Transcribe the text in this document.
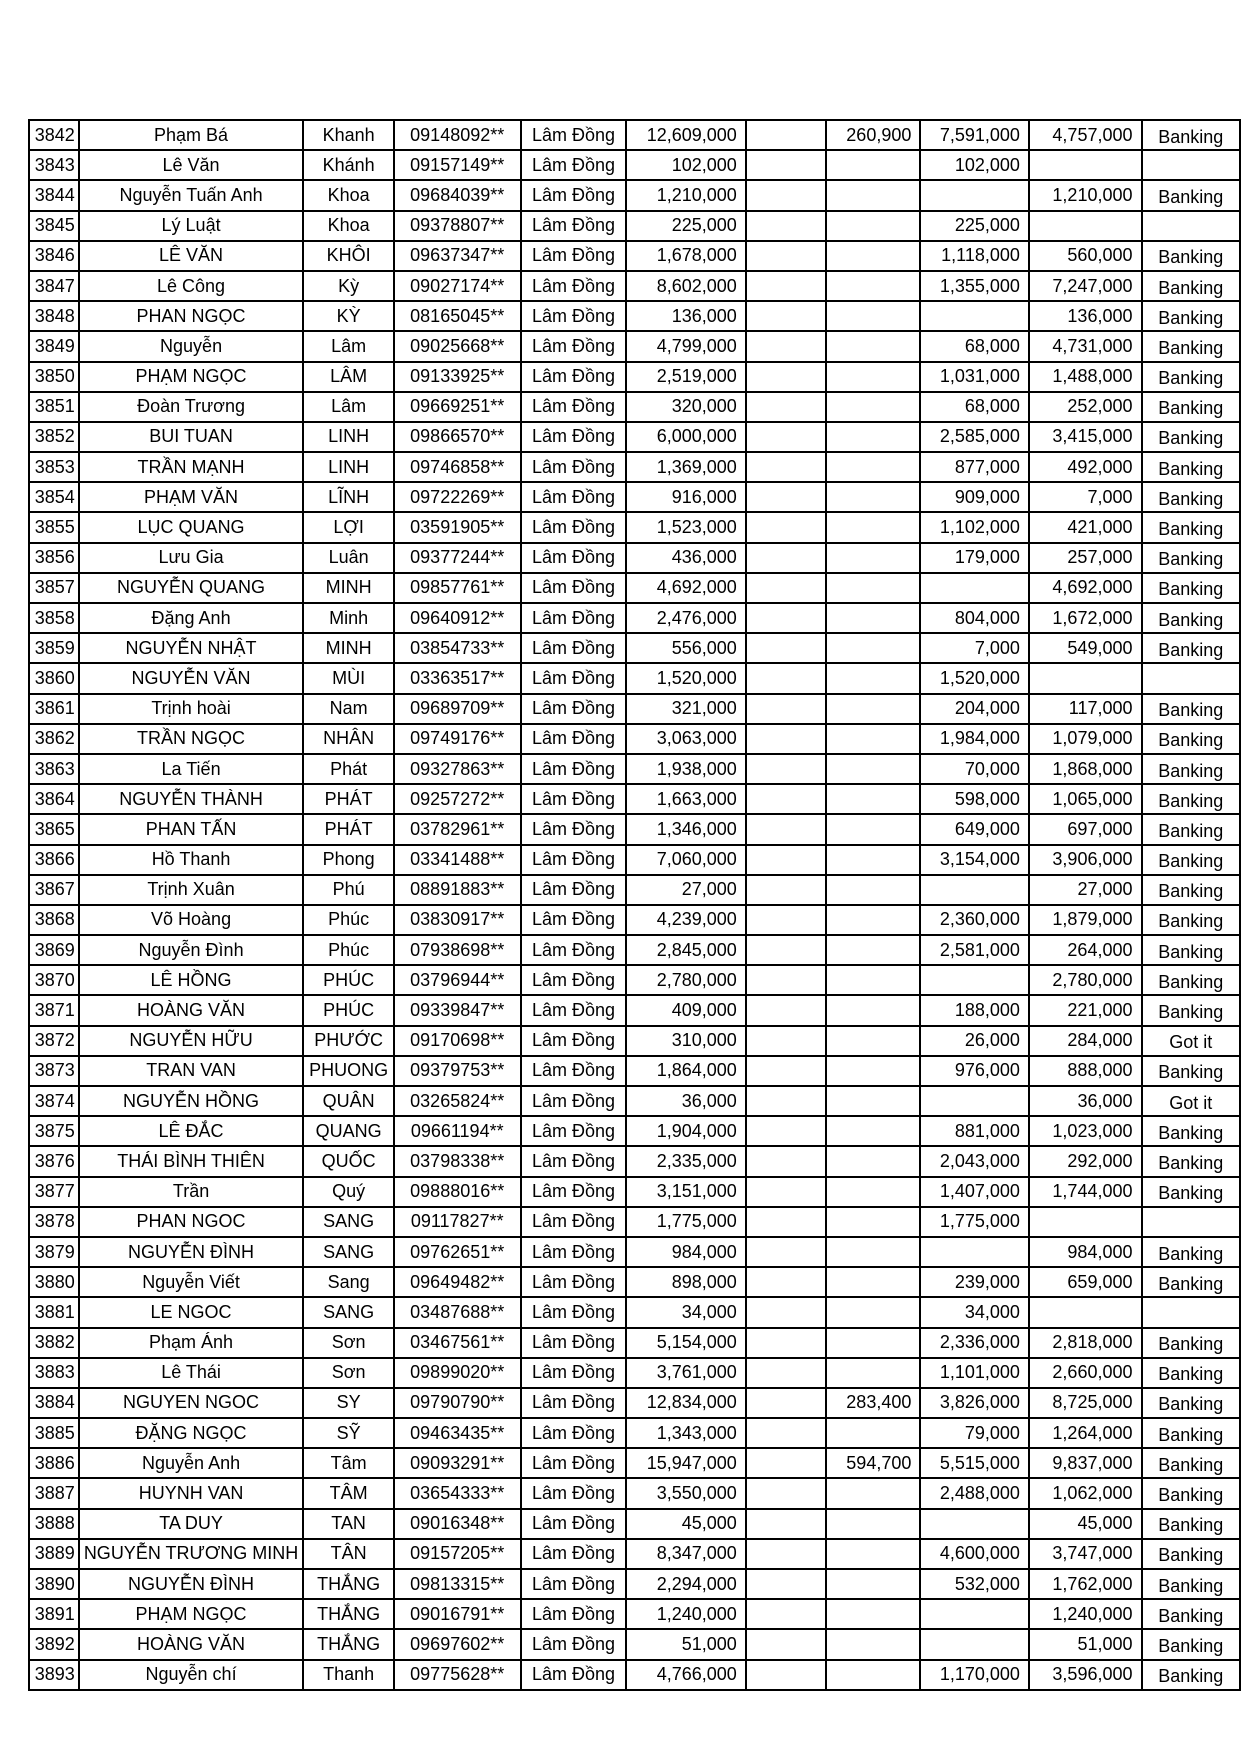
3842	Phạm Bá	Khanh	09148092**	Lâm Đồng	12,609,000		260,900	7,591,000	4,757,000	Banking
3843	Lê Văn	Khánh	09157149**	Lâm Đồng	102,000			102,000		
3844	Nguyễn Tuấn Anh	Khoa	09684039**	Lâm Đồng	1,210,000				1,210,000	Banking
3845	Lý Luật	Khoa	09378807**	Lâm Đồng	225,000			225,000		
3846	LÊ VĂN	KHÔI	09637347**	Lâm Đồng	1,678,000			1,118,000	560,000	Banking
3847	Lê Công	Kỳ	09027174**	Lâm Đồng	8,602,000			1,355,000	7,247,000	Banking
3848	PHAN NGỌC	KỲ	08165045**	Lâm Đồng	136,000				136,000	Banking
3849	Nguyễn	Lâm	09025668**	Lâm Đồng	4,799,000			68,000	4,731,000	Banking
3850	PHẠM NGỌC	LÂM	09133925**	Lâm Đồng	2,519,000			1,031,000	1,488,000	Banking
3851	Đoàn Trương	Lâm	09669251**	Lâm Đồng	320,000			68,000	252,000	Banking
3852	BUI TUAN	LINH	09866570**	Lâm Đồng	6,000,000			2,585,000	3,415,000	Banking
3853	TRẦN MẠNH	LINH	09746858**	Lâm Đồng	1,369,000			877,000	492,000	Banking
3854	PHẠM VĂN	LĨNH	09722269**	Lâm Đồng	916,000			909,000	7,000	Banking
3855	LỤC QUANG	LỢI	03591905**	Lâm Đồng	1,523,000			1,102,000	421,000	Banking
3856	Lưu Gia	Luân	09377244**	Lâm Đồng	436,000			179,000	257,000	Banking
3857	NGUYỄN QUANG	MINH	09857761**	Lâm Đồng	4,692,000				4,692,000	Banking
3858	Đặng Anh	Minh	09640912**	Lâm Đồng	2,476,000			804,000	1,672,000	Banking
3859	NGUYỄN NHẬT	MINH	03854733**	Lâm Đồng	556,000			7,000	549,000	Banking
3860	NGUYỄN VĂN	MÙI	03363517**	Lâm Đồng	1,520,000			1,520,000		
3861	Trịnh hoài	Nam	09689709**	Lâm Đồng	321,000			204,000	117,000	Banking
3862	TRẦN NGỌC	NHÂN	09749176**	Lâm Đồng	3,063,000			1,984,000	1,079,000	Banking
3863	La Tiến	Phát	09327863**	Lâm Đồng	1,938,000			70,000	1,868,000	Banking
3864	NGUYỄN THÀNH	PHÁT	09257272**	Lâm Đồng	1,663,000			598,000	1,065,000	Banking
3865	PHAN TẤN	PHÁT	03782961**	Lâm Đồng	1,346,000			649,000	697,000	Banking
3866	Hồ Thanh	Phong	03341488**	Lâm Đồng	7,060,000			3,154,000	3,906,000	Banking
3867	Trịnh Xuân	Phú	08891883**	Lâm Đồng	27,000				27,000	Banking
3868	Võ Hoàng	Phúc	03830917**	Lâm Đồng	4,239,000			2,360,000	1,879,000	Banking
3869	Nguyễn Đình	Phúc	07938698**	Lâm Đồng	2,845,000			2,581,000	264,000	Banking
3870	LÊ HỒNG	PHÚC	03796944**	Lâm Đồng	2,780,000				2,780,000	Banking
3871	HOÀNG VĂN	PHÚC	09339847**	Lâm Đồng	409,000			188,000	221,000	Banking
3872	NGUYỄN HỮU	PHƯỚC	09170698**	Lâm Đồng	310,000			26,000	284,000	Got it
3873	TRAN VAN	PHUONG	09379753**	Lâm Đồng	1,864,000			976,000	888,000	Banking
3874	NGUYỄN HỒNG	QUÂN	03265824**	Lâm Đồng	36,000				36,000	Got it
3875	LÊ ĐẮC	QUANG	09661194**	Lâm Đồng	1,904,000			881,000	1,023,000	Banking
3876	THÁI BÌNH THIÊN	QUỐC	03798338**	Lâm Đồng	2,335,000			2,043,000	292,000	Banking
3877	Trần	Quý	09888016**	Lâm Đồng	3,151,000			1,407,000	1,744,000	Banking
3878	PHAN NGOC	SANG	09117827**	Lâm Đồng	1,775,000			1,775,000		
3879	NGUYỄN ĐÌNH	SANG	09762651**	Lâm Đồng	984,000				984,000	Banking
3880	Nguyễn Viết	Sang	09649482**	Lâm Đồng	898,000			239,000	659,000	Banking
3881	LE NGOC	SANG	03487688**	Lâm Đồng	34,000			34,000		
3882	Phạm Ánh	Sơn	03467561**	Lâm Đồng	5,154,000			2,336,000	2,818,000	Banking
3883	Lê Thái	Sơn	09899020**	Lâm Đồng	3,761,000			1,101,000	2,660,000	Banking
3884	NGUYEN NGOC	SY	09790790**	Lâm Đồng	12,834,000		283,400	3,826,000	8,725,000	Banking
3885	ĐẶNG NGỌC	SỸ	09463435**	Lâm Đồng	1,343,000			79,000	1,264,000	Banking
3886	Nguyễn Anh	Tâm	09093291**	Lâm Đồng	15,947,000		594,700	5,515,000	9,837,000	Banking
3887	HUYNH VAN	TÂM	03654333**	Lâm Đồng	3,550,000			2,488,000	1,062,000	Banking
3888	TA DUY	TAN	09016348**	Lâm Đồng	45,000				45,000	Banking
3889	NGUYỄN TRƯƠNG MINH	TÂN	09157205**	Lâm Đồng	8,347,000			4,600,000	3,747,000	Banking
3890	NGUYỄN ĐÌNH	THẮNG	09813315**	Lâm Đồng	2,294,000			532,000	1,762,000	Banking
3891	PHẠM NGỌC	THẮNG	09016791**	Lâm Đồng	1,240,000				1,240,000	Banking
3892	HOÀNG VĂN	THẮNG	09697602**	Lâm Đồng	51,000				51,000	Banking
3893	Nguyễn chí	Thanh	09775628**	Lâm Đồng	4,766,000			1,170,000	3,596,000	Banking
